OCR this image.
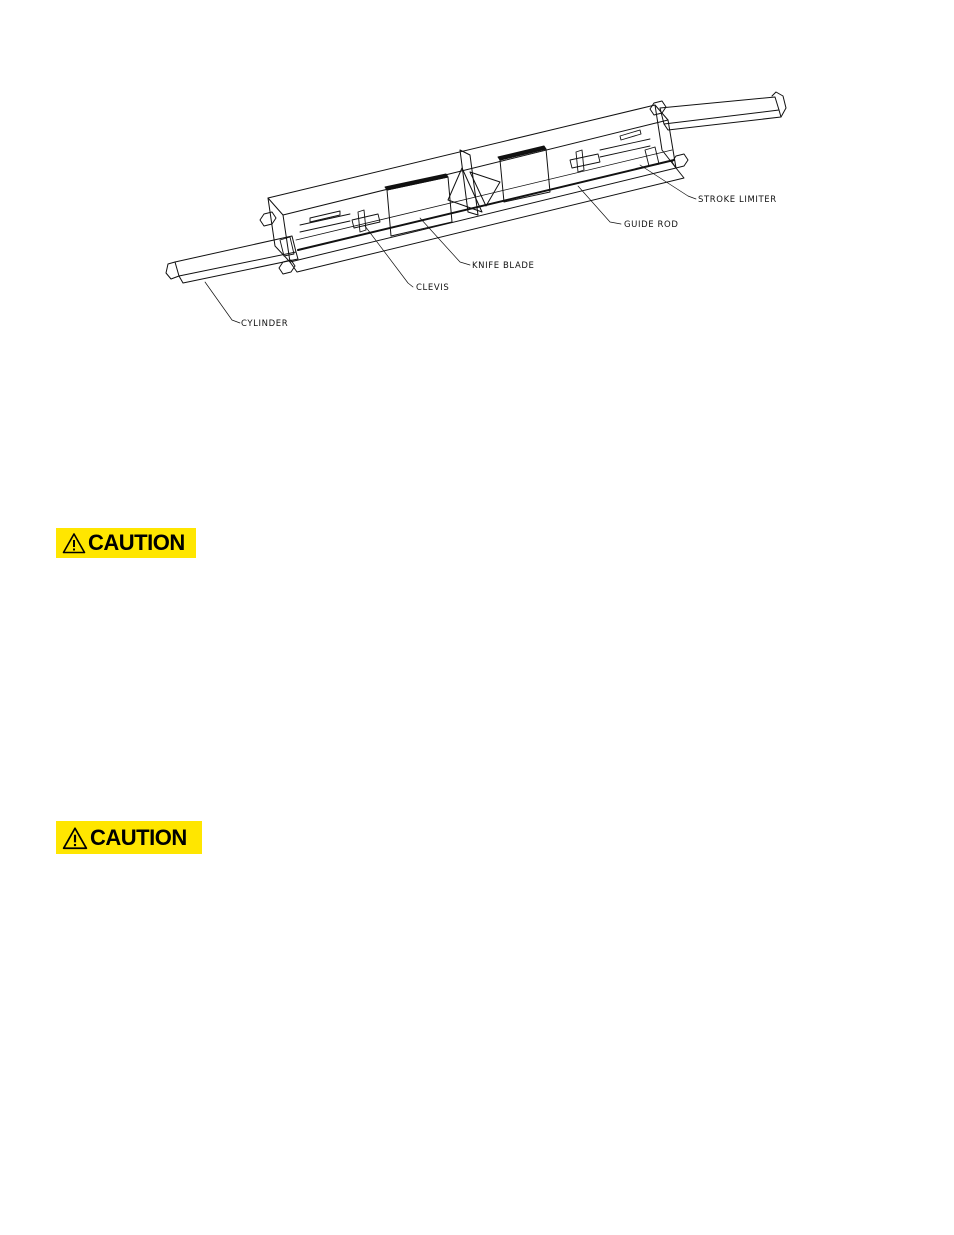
STROKE LIMITER
GUIDE ROD
KNIFE BLADE
CLEVIS
CYLINDER
CAUTION
CAUTION
